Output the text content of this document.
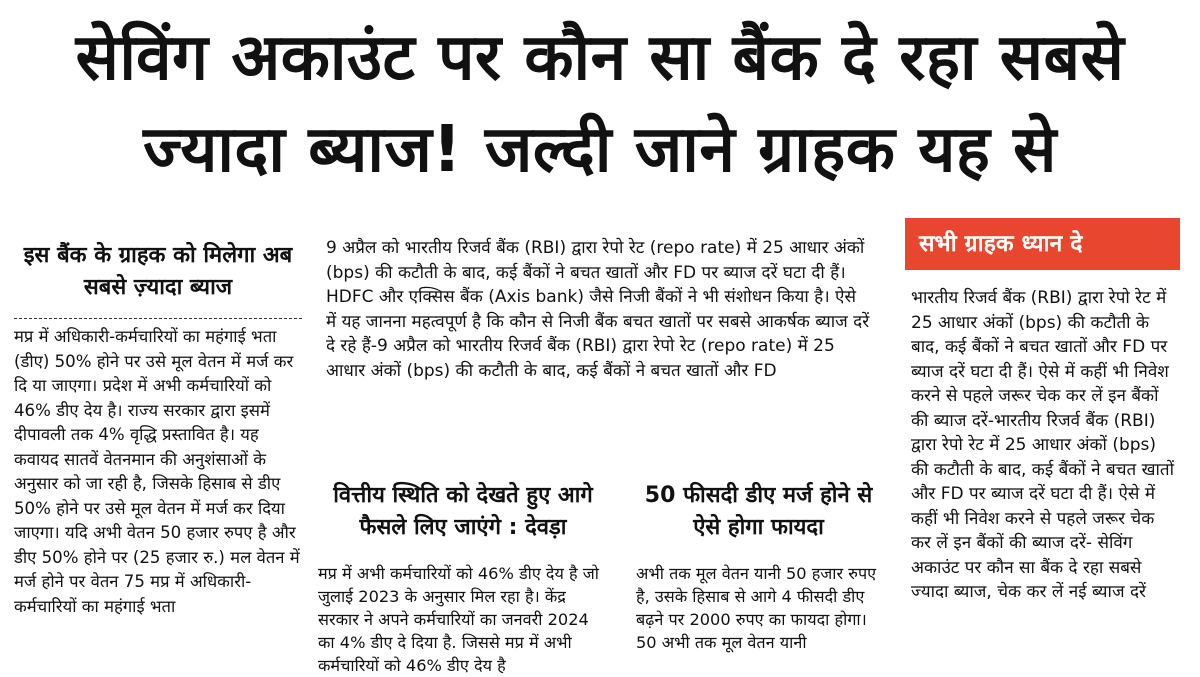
सेविंग अकाउंट पर कौन सा बैंक दे रहा सबसे
ज्यादा ब्याज! जल्दी जाने ग्राहक यह से
इस बैंक के ग्राहक को मिलेगा अब सबसे ज़्यादा ब्याज

मप्र में अधिकारी-कर्मचारियों का महंगाई भता (डीए) 50% होने पर उसे मूल वेतन में मर्ज कर दि या जाएगा। प्रदेश में अभी कर्मचारियों को 46% डीए देय है। राज्य सरकार द्वारा इसमें दीपावली तक 4% वृद्धि प्रस्तावित है। यह कवायद सातवें वेतनमान की अनुशंसाओं के अनुसार को जा रही है, जिसके हिसाब से डीए 50% होने पर उसे मूल वेतन में मर्ज कर दिया जाएगा। यदि अभी वेतन 50 हजार रुपए है और डीए 50% होने पर (25 हजार रु.) मल वेतन में मर्ज होने पर वेतन 75 मप्र में अधिकारी-कर्मचारियों का महंगाई भता

9 अप्रैल को भारतीय रिजर्व बैंक (RBI) द्वारा रेपो रेट (repo rate) में 25 आधार अंकों (bps) की कटौती के बाद, कई बैंकों ने बचत खातों और FD पर ब्याज दरें घटा दी हैं। HDFC और एक्सिस बैंक (Axis bank) जैसे निजी बैंकों ने भी संशोधन किया है। ऐसे में यह जानना महत्वपूर्ण है कि कौन से निजी बैंक बचत खातों पर सबसे आकर्षक ब्याज दरें दे रहे हैं-9 अप्रैल को भारतीय रिजर्व बैंक (RBI) द्वारा रेपो रेट (repo rate) में 25 आधार अंकों (bps) की कटौती के बाद, कई बैंकों ने बचत खातों और FD

वित्तीय स्थिति को देखते हुए आगे फैसले लिए जाएंगे : देवड़ा

मप्र में अभी कर्मचारियों को 46% डीए देय है जो जुलाई 2023 के अनुसार मिल रहा है। केंद्र सरकार ने अपने कर्मचारियों का जनवरी 2024 का 4% डीए दे दिया है. जिससे मप्र में अभी कर्मचारियों को 46% डीए देय है

50 फीसदी डीए मर्ज होने से ऐसे होगा फायदा

अभी तक मूल वेतन यानी 50 हजार रुपए है, उसके हिसाब से आगे 4 फीसदी डीए बढ़ने पर 2000 रुपए का फायदा होगा। 50 अभी तक मूल वेतन यानी

सभी ग्राहक ध्यान दे

भारतीय रिजर्व बैंक (RBI) द्वारा रेपो रेट में 25 आधार अंकों (bps) की कटौती के बाद, कई बैंकों ने बचत खातों और FD पर ब्याज दरें घटा दी हैं। ऐसे में कहीं भी निवेश करने से पहले जरूर चेक कर लें इन बैंकों की ब्याज दरें-भारतीय रिजर्व बैंक (RBI) द्वारा रेपो रेट में 25 आधार अंकों (bps) की कटौती के बाद, कई बैंकों ने बचत खातों और FD पर ब्याज दरें घटा दी हैं। ऐसे में कहीं भी निवेश करने से पहले जरूर चेक कर लें इन बैंकों की ब्याज दरें- सेविंग अकाउंट पर कौन सा बैंक दे रहा सबसे ज्यादा ब्याज, चेक कर लें नई ब्याज दरें
